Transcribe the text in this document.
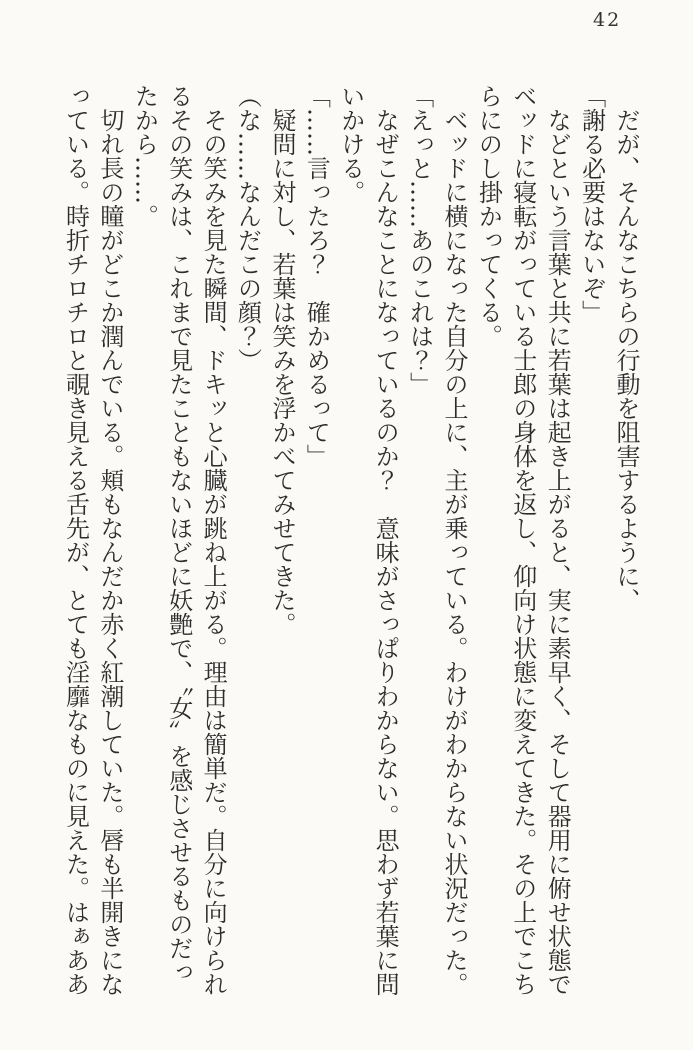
42

だが、そんなこちらの行動を阻害するように、

「謝る必要はないぞ」

などという言葉と共に若葉は起き上がると、実に素早く、そして器用に俯せ状態でベッドに寝転がっている士郎の身体を返し、仰向け状態に変えてきた。その上でこちらにのし掛かってくる。

ベッドに横になった自分の上に、主が乗っている。わけがわからない状況だった。

「えっと……あのこれは？」

なぜこんなことになっているのか？　意味がさっぱりわからない。思わず若葉に問いかける。

「……言ったろ？　確かめるって」

疑問に対し、若葉は笑みを浮かべてみせてきた。

（な……なんだこの顔？）

その笑みを見た瞬間、ドキッと心臓が跳ね上がる。理由は簡単だ。自分に向けられるその笑みは、これまで見たこともないほどに妖艶で、〝女〟を感じさせるものだったから……。

切れ長の瞳がどこか潤んでいる。頬もなんだか赤く紅潮していた。唇も半開きになっている。時折チロチロと覗き見える舌先が、とても淫靡なものに見えた。はぁああ
